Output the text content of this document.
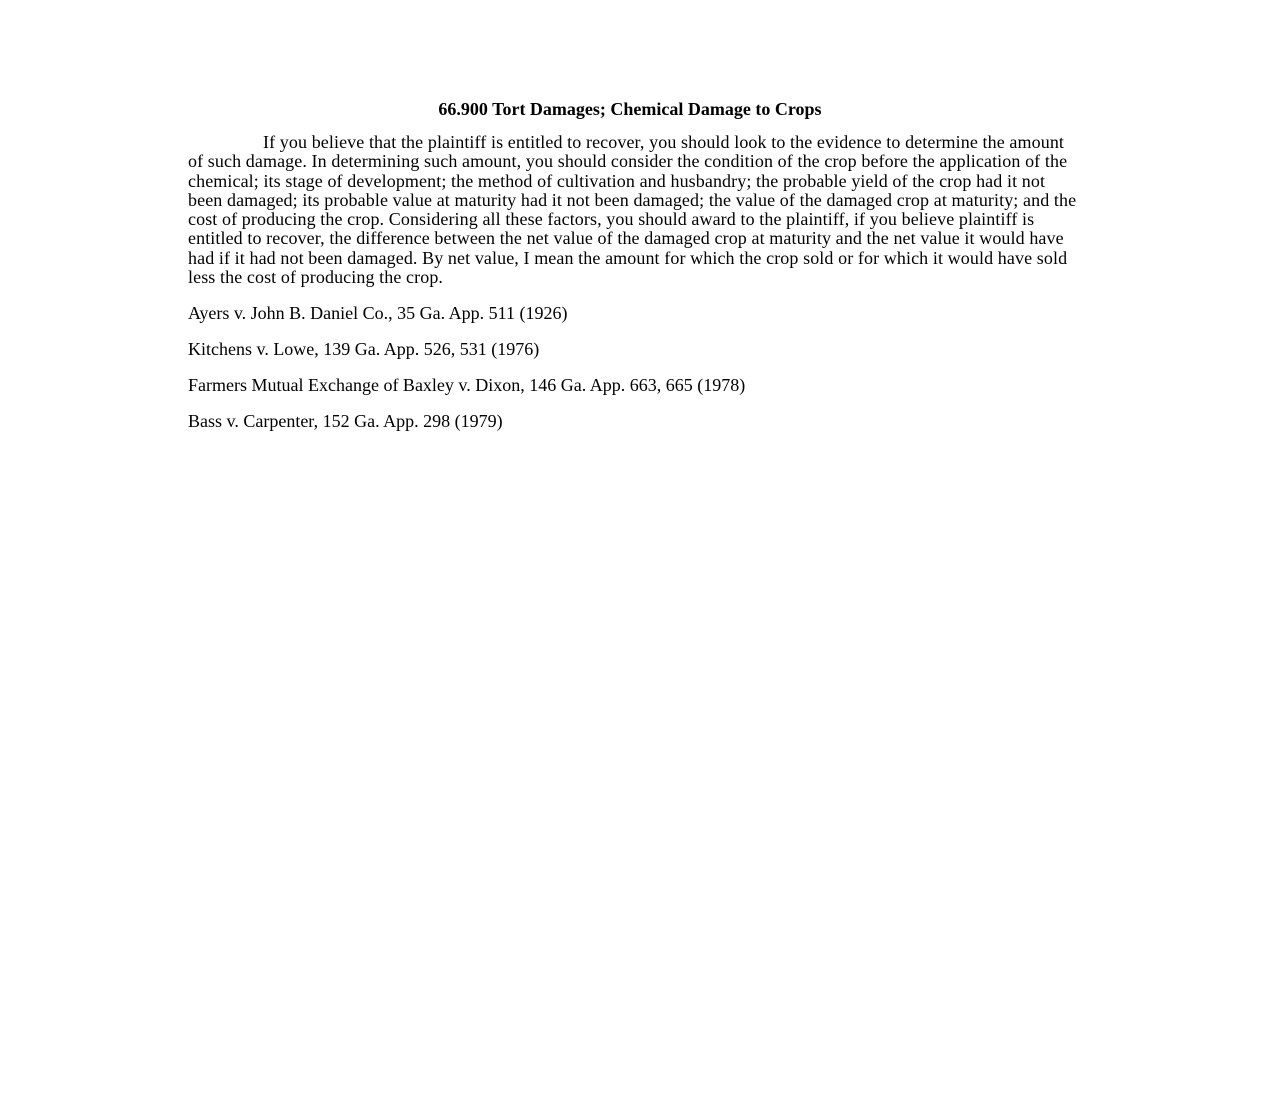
66.900 Tort Damages; Chemical Damage to Crops

If you believe that the plaintiff is entitled to recover, you should look to the evidence to determine the amount of such damage. In determining such amount, you should consider the condition of the crop before the application of the chemical; its stage of development; the method of cultivation and husbandry; the probable yield of the crop had it not been damaged; its probable value at maturity had it not been damaged; the value of the damaged crop at maturity; and the cost of producing the crop. Considering all these factors, you should award to the plaintiff, if you believe plaintiff is entitled to recover, the difference between the net value of the damaged crop at maturity and the net value it would have had if it had not been damaged. By net value, I mean the amount for which the crop sold or for which it would have sold less the cost of producing the crop.

Ayers v. John B. Daniel Co., 35 Ga. App. 511 (1926)

Kitchens v. Lowe, 139 Ga. App. 526, 531 (1976)

Farmers Mutual Exchange of Baxley v. Dixon, 146 Ga. App. 663, 665 (1978)

Bass v. Carpenter, 152 Ga. App. 298 (1979)
